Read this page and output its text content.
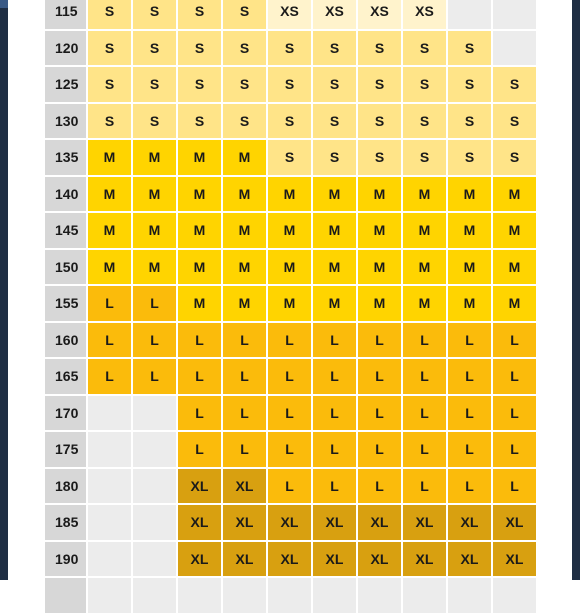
115	S	S	S	S	XS	XS	XS	XS		
120	S	S	S	S	S	S	S	S	S	
125	S	S	S	S	S	S	S	S	S	S
130	S	S	S	S	S	S	S	S	S	S
135	M	M	M	M	S	S	S	S	S	S
140	M	M	M	M	M	M	M	M	M	M
145	M	M	M	M	M	M	M	M	M	M
150	M	M	M	M	M	M	M	M	M	M
155	L	L	M	M	M	M	M	M	M	M
160	L	L	L	L	L	L	L	L	L	L
165	L	L	L	L	L	L	L	L	L	L
170			L	L	L	L	L	L	L	L
175			L	L	L	L	L	L	L	L
180			XL	XL	L	L	L	L	L	L
185			XL	XL	XL	XL	XL	XL	XL	XL
190			XL	XL	XL	XL	XL	XL	XL	XL
